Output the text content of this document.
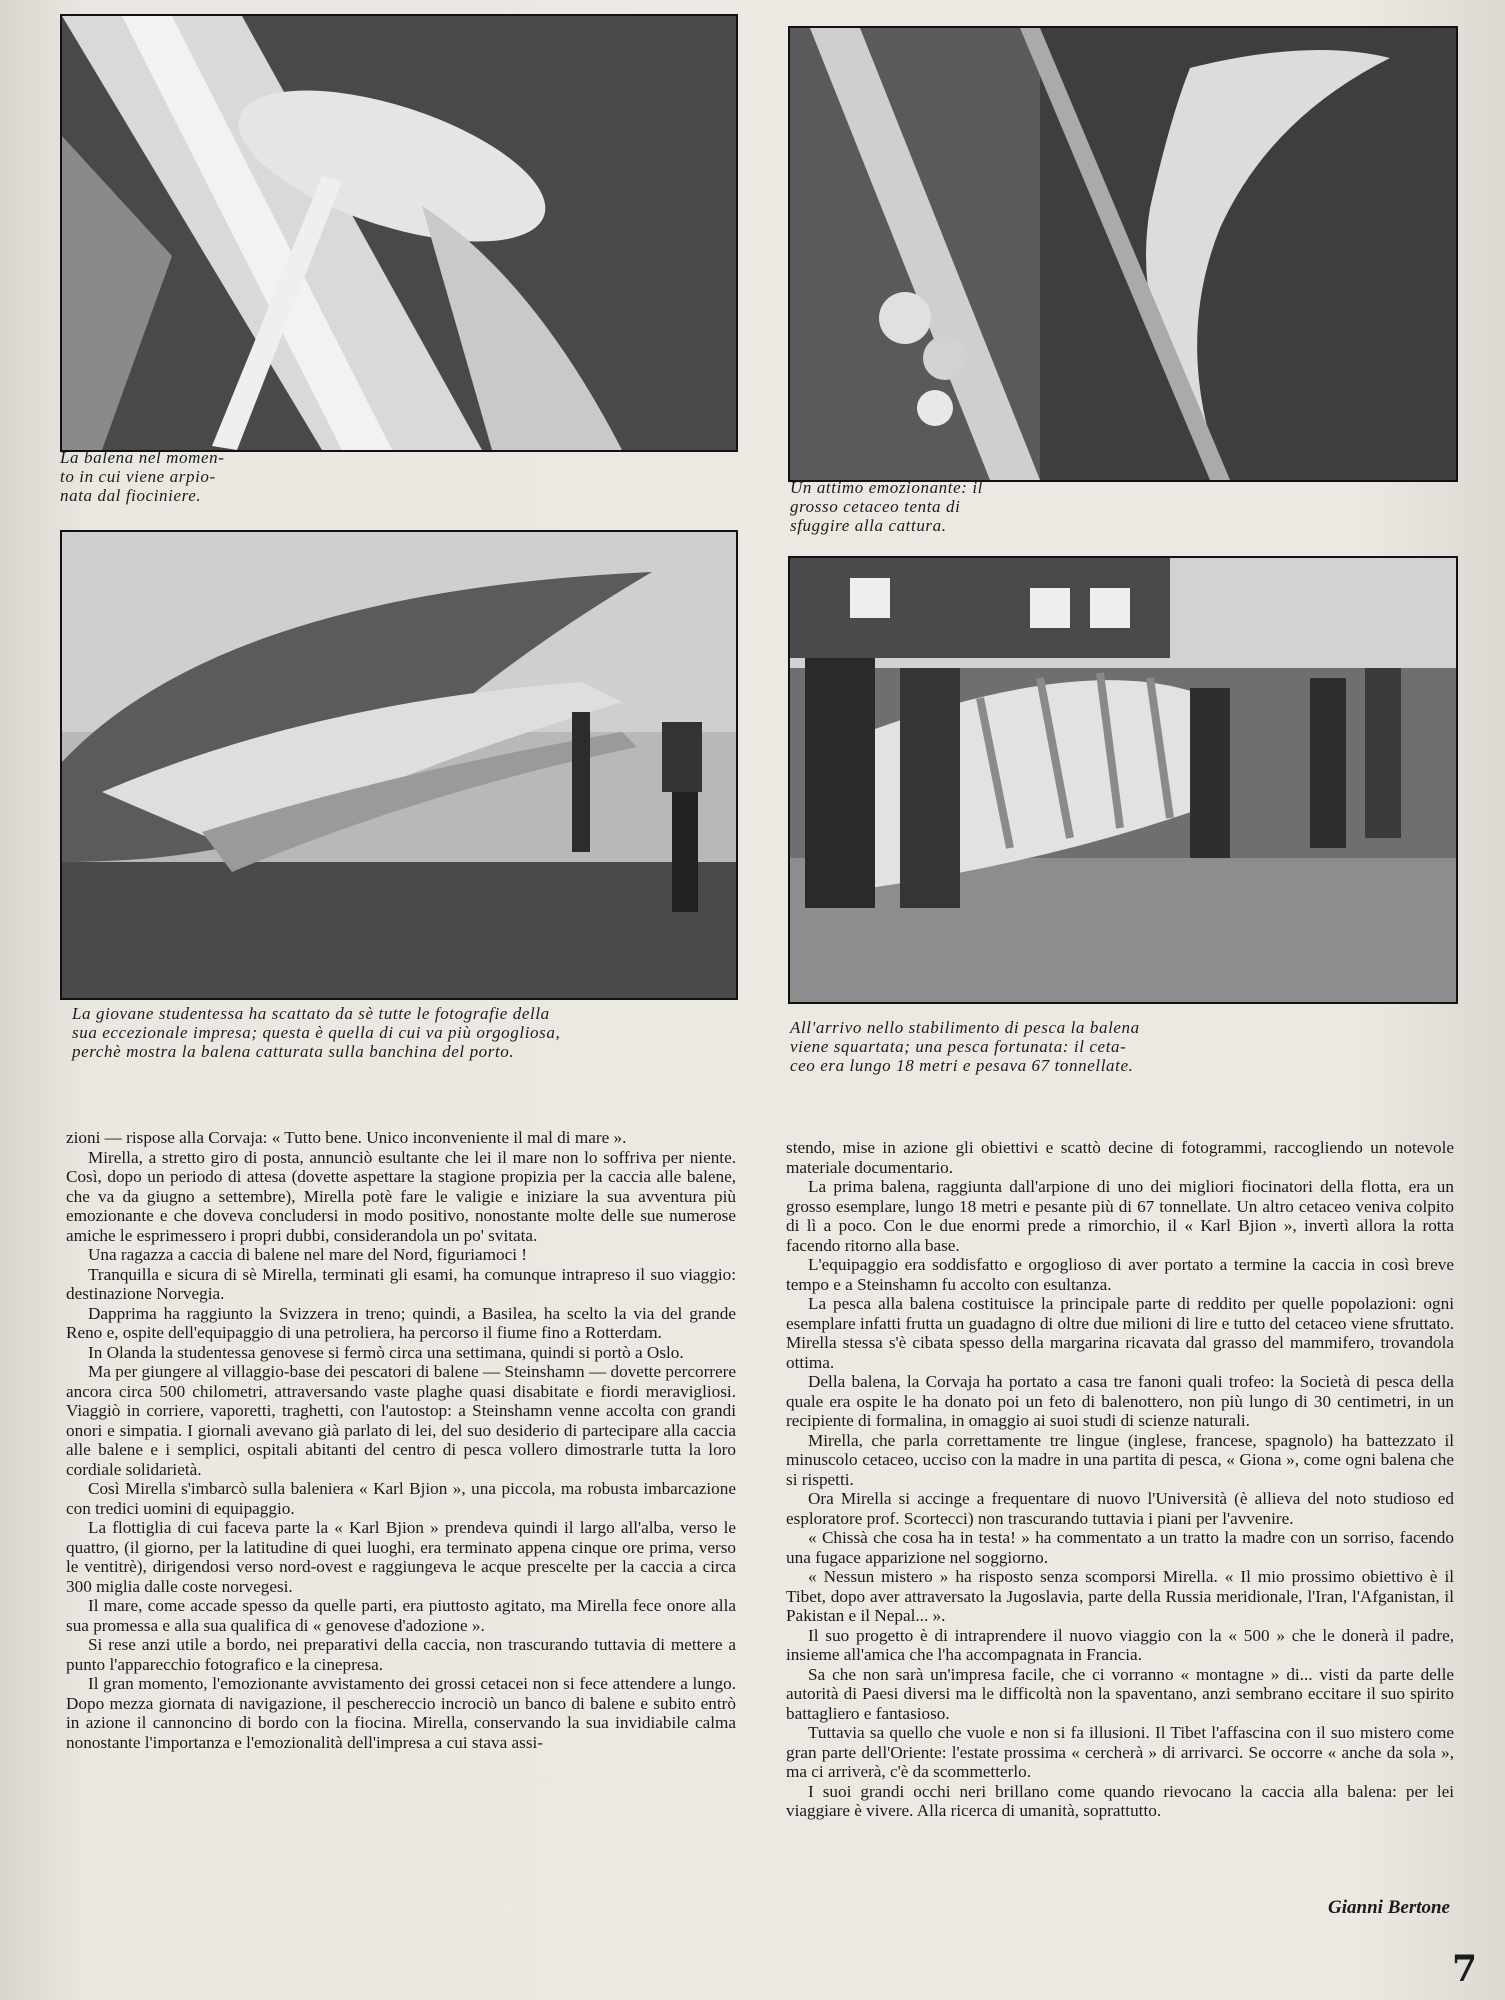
La balena nel momen-
to in cui viene arpio-
nata dal fiociniere.	Un attimo emozionante: il
grosso cetaceo tenta di
sfuggire alla cattura.
La giovane studentessa ha scattato da sè tutte le fotografie della
sua eccezionale impresa; questa è quella di cui va più orgogliosa,
perchè mostra la balena catturata sulla banchina del porto.
All'arrivo nello stabilimento di pesca la balena
viene squartata; una pesca fortunata: il ceta-
ceo era lungo 18 metri e pesava 67 tonnellate.

zioni — rispose alla Corvaja: « Tutto bene. Unico inconveniente il mal di mare ».

Mirella, a stretto giro di posta, annunciò esultante che lei il mare non lo soffriva per niente. Così, dopo un periodo di attesa (dovette aspettare la stagione propizia per la caccia alle balene, che va da giugno a settembre), Mirella potè fare le valigie e iniziare la sua avventura più emozionante e che doveva concludersi in modo positivo, nonostante molte delle sue numerose amiche le esprimessero i propri dubbi, considerandola un po' svitata.

Una ragazza a caccia di balene nel mare del Nord, figuriamoci !

Tranquilla e sicura di sè Mirella, terminati gli esami, ha comunque intrapreso il suo viaggio: destinazione Norvegia.

Dapprima ha raggiunto la Svizzera in treno; quindi, a Basilea, ha scelto la via del grande Reno e, ospite dell'equipaggio di una petroliera, ha percorso il fiume fino a Rotterdam.

In Olanda la studentessa genovese si fermò circa una settimana, quindi si portò a Oslo.

Ma per giungere al villaggio-base dei pescatori di balene — Steinshamn — dovette percorrere ancora circa 500 chilometri, attraversando vaste plaghe quasi disabitate e fiordi meravigliosi. Viaggiò in corriere, vaporetti, traghetti, con l'autostop: a Steinshamn venne accolta con grandi onori e simpatia. I giornali avevano già parlato di lei, del suo desiderio di partecipare alla caccia alle balene e i semplici, ospitali abitanti del centro di pesca vollero dimostrarle tutta la loro cordiale solidarietà.

Così Mirella s'imbarcò sulla baleniera « Karl Bjion », una piccola, ma robusta imbarcazione con tredici uomini di equipaggio.

La flottiglia di cui faceva parte la « Karl Bjion » prendeva quindi il largo all'alba, verso le quattro, (il giorno, per la latitudine di quei luoghi, era terminato appena cinque ore prima, verso le ventitrè), dirigendosi verso nord-ovest e raggiungeva le acque prescelte per la caccia a circa 300 miglia dalle coste norvegesi.

Il mare, come accade spesso da quelle parti, era piuttosto agitato, ma Mirella fece onore alla sua promessa e alla sua qualifica di « genovese d'adozione ».

Si rese anzi utile a bordo, nei preparativi della caccia, non trascurando tuttavia di mettere a punto l'apparecchio fotografico e la cinepresa.

Il gran momento, l'emozionante avvistamento dei grossi cetacei non si fece attendere a lungo. Dopo mezza giornata di navigazione, il peschereccio incrociò un banco di balene e subito entrò in azione il cannoncino di bordo con la fiocina. Mirella, conservando la sua invidiabile calma nonostante l'importanza e l'emozionalità dell'impresa a cui stava assi-

stendo, mise in azione gli obiettivi e scattò decine di fotogrammi, raccogliendo un notevole materiale documentario.

La prima balena, raggiunta dall'arpione di uno dei migliori fiocinatori della flotta, era un grosso esemplare, lungo 18 metri e pesante più di 67 tonnellate. Un altro cetaceo veniva colpito di lì a poco. Con le due enormi prede a rimorchio, il « Karl Bjion », invertì allora la rotta facendo ritorno alla base.

L'equipaggio era soddisfatto e orgoglioso di aver portato a termine la caccia in così breve tempo e a Steinshamn fu accolto con esultanza.

La pesca alla balena costituisce la principale parte di reddito per quelle popolazioni: ogni esemplare infatti frutta un guadagno di oltre due milioni di lire e tutto del cetaceo viene sfruttato. Mirella stessa s'è cibata spesso della margarina ricavata dal grasso del mammifero, trovandola ottima.

Della balena, la Corvaja ha portato a casa tre fanoni quali trofeo: la Società di pesca della quale era ospite le ha donato poi un feto di balenottero, non più lungo di 30 centimetri, in un recipiente di formalina, in omaggio ai suoi studi di scienze naturali.

Mirella, che parla correttamente tre lingue (inglese, francese, spagnolo) ha battezzato il minuscolo cetaceo, ucciso con la madre in una partita di pesca, « Giona », come ogni balena che si rispetti.

Ora Mirella si accinge a frequentare di nuovo l'Università (è allieva del noto studioso ed esploratore prof. Scortecci) non trascurando tuttavia i piani per l'avvenire.

« Chissà che cosa ha in testa! » ha commentato a un tratto la madre con un sorriso, facendo una fugace apparizione nel soggiorno.

« Nessun mistero » ha risposto senza scomporsi Mirella. « Il mio prossimo obiettivo è il Tibet, dopo aver attraversato la Jugoslavia, parte della Russia meridionale, l'Iran, l'Afganistan, il Pakistan e il Nepal... ».

Il suo progetto è di intraprendere il nuovo viaggio con la « 500 » che le donerà il padre, insieme all'amica che l'ha accompagnata in Francia.

Sa che non sarà un'impresa facile, che ci vorranno « montagne » di... visti da parte delle autorità di Paesi diversi ma le difficoltà non la spaventano, anzi sembrano eccitare il suo spirito battagliero e fantasioso.

Tuttavia sa quello che vuole e non si fa illusioni. Il Tibet l'affascina con il suo mistero come gran parte dell'Oriente: l'estate prossima « cercherà » di arrivarci. Se occorre « anche da sola », ma ci arriverà, c'è da scommetterlo.

I suoi grandi occhi neri brillano come quando rievocano la caccia alla balena: per lei viaggiare è vivere. Alla ricerca di umanità, soprattutto.

Gianni Bertone
7
